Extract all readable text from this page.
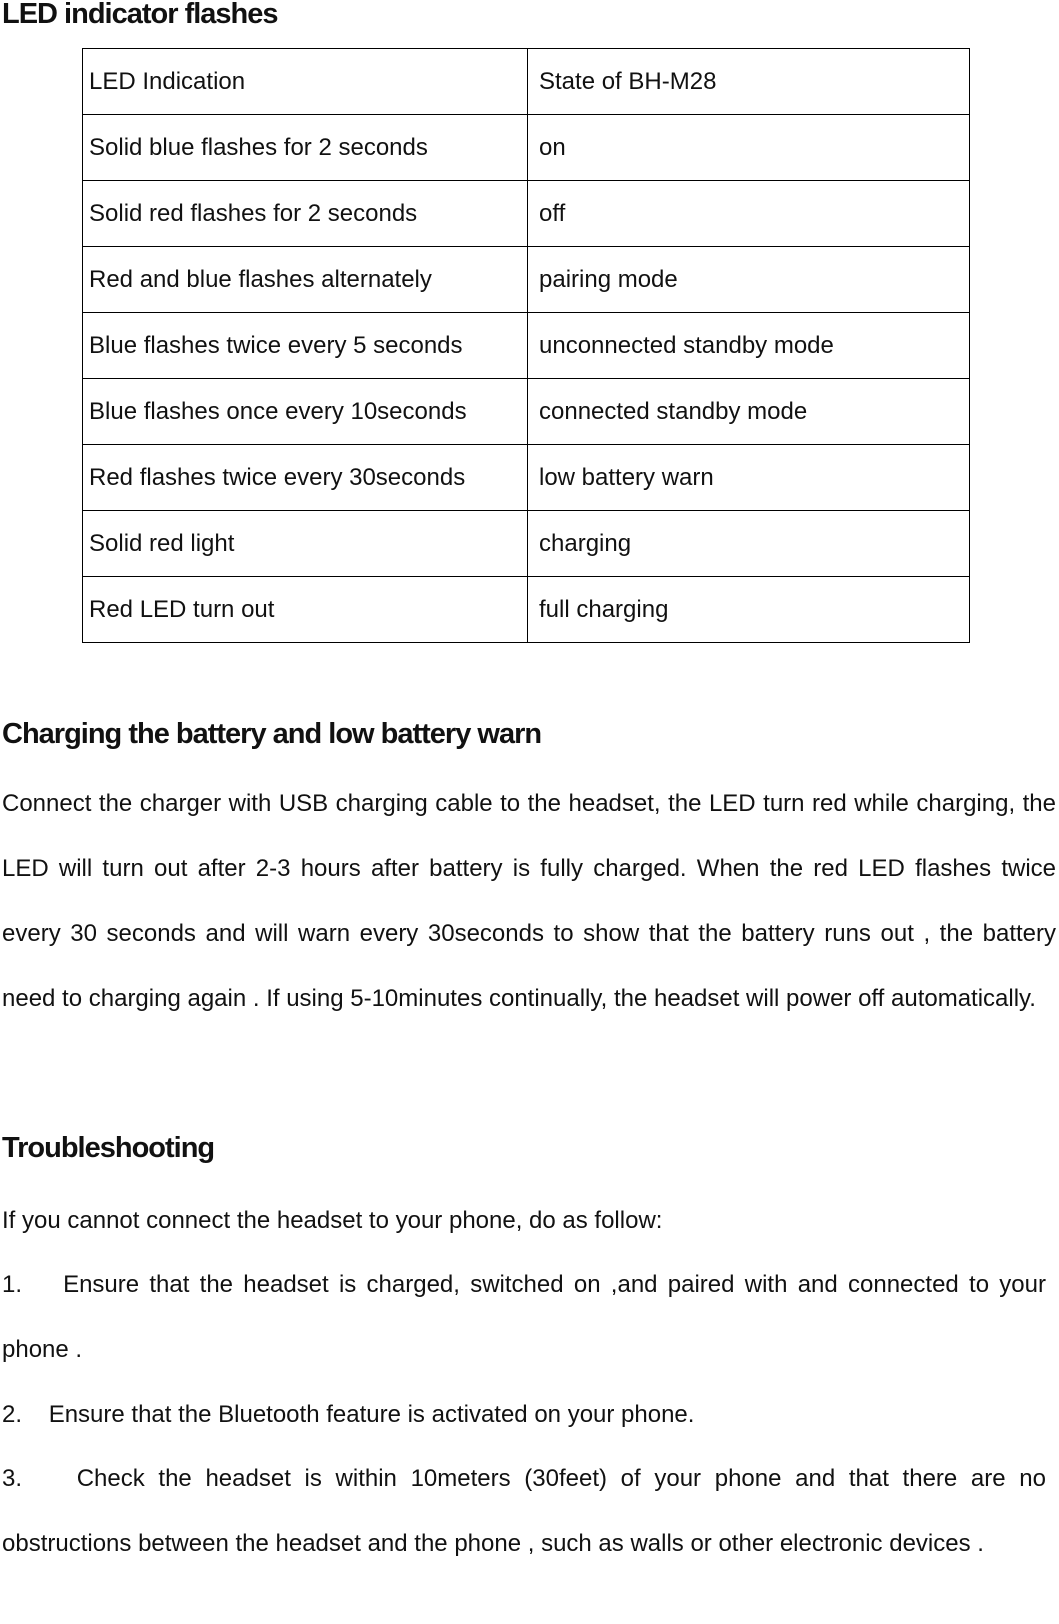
LED indicator flashes
LED Indication	State of BH-M28
Solid blue flashes for 2 seconds	on
Solid red flashes for 2 seconds	off
Red and blue flashes alternately	pairing mode
Blue flashes twice every 5 seconds	unconnected standby mode
Blue flashes once every 10seconds	connected standby mode
Red flashes twice every 30seconds	low battery warn
Solid red light	charging
Red LED turn out	full charging
Charging the battery and low battery warn
Connect the charger with USB charging cable to the headset, the LED turn red while charging, the LED will turn out after 2-3 hours after battery is fully charged. When the red LED flashes twice every 30 seconds and will warn every 30seconds to show that the battery runs out , the battery need to charging again . If using 5-10minutes continually, the headset will power off automatically.
Troubleshooting
If you cannot connect the headset to your phone, do as follow:
1.    Ensure that the headset is charged, switched on ,and paired with and connected to your phone .
2.    Ensure that the Bluetooth feature is activated on your phone.
3.    Check the headset is within 10meters (30feet) of your phone and that there are no obstructions between the headset and the phone , such as walls or other electronic devices .
